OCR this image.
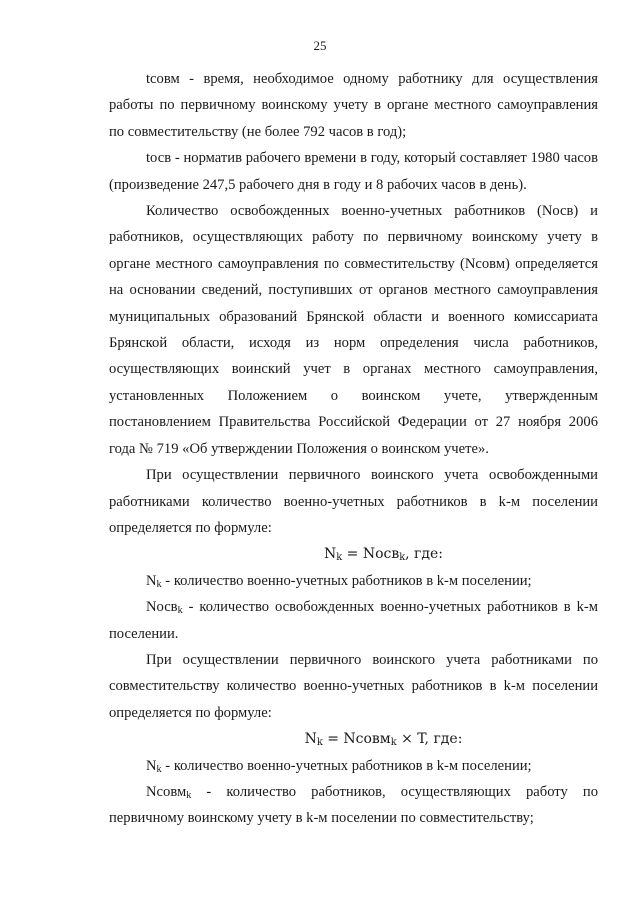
25

tсовм - время, необходимое одному работнику для осуществления работы по первичному воинскому учету в органе местного самоуправления по совместительству (не более 792 часов в год);

tосв - норматив рабочего времени в году, который составляет 1980 часов (произведение 247,5 рабочего дня в году и 8 рабочих часов в день).

Количество освобожденных военно-учетных работников (Nосв) и работников, осуществляющих работу по первичному воинскому учету в органе местного самоуправления по совместительству (Nсовм) определяется на основании сведений, поступивших от органов местного самоуправления муниципальных образований Брянской области и военного комиссариата Брянской области, исходя из норм определения числа работников, осуществляющих воинский учет в органах местного самоуправления, установленных Положением о воинском учете, утвержденным постановлением Правительства Российской Федерации от 27 ноября 2006 года № 719 «Об утверждении Положения о воинском учете».

При осуществлении первичного воинского учета освобожденными работниками количество военно-учетных работников в k-м поселении определяется по формуле:

$N_k$ = Nосв$_k$, где:

$N_k$ - количество военно-учетных работников в k-м поселении;

Nосв$_k$ - количество освобожденных военно-учетных работников в k-м поселении.

При осуществлении первичного воинского учета работниками по совместительству количество военно-учетных работников в k-м поселении определяется по формуле:

$N_k$ = Nсовм$_k$ × T, где:

$N_k$ - количество военно-учетных работников в k-м поселении;

Nсовм$_k$ - количество работников, осуществляющих работу по первичному воинскому учету в k-м поселении по совместительству;
